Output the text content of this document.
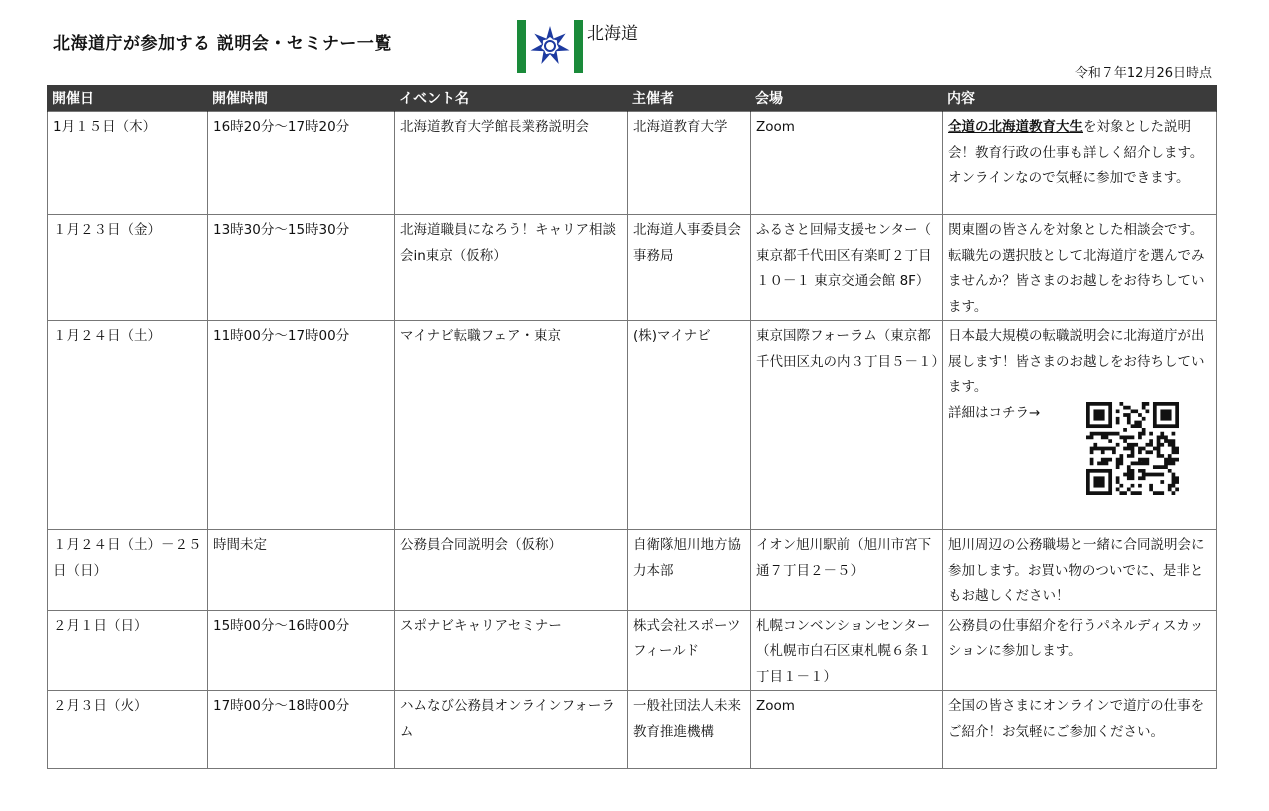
北海道庁が参加する 説明会・セミナー一覧	北海道
令和７年12月26日時点
開催日	開催時間	イベント名	主催者	会場	内容
1月１５日（木）	16時20分～17時20分	北海道教育大学館長業務説明会	北海道教育大学	Zoom	全道の北海道教育大生を対象とした説明会！教育行政の仕事も詳しく紹介します。オンラインなので気軽に参加できます。
１月２３日（金）	13時30分～15時30分	北海道職員になろう！キャリア相談会in東京（仮称）	北海道人事委員会事務局	ふるさと回帰支援センター（ 東京都千代田区有楽町２丁目１０－１ 東京交通会館 8F）	関東圏の皆さんを対象とした相談会です。転職先の選択肢として北海道庁を選んでみませんか？皆さまのお越しをお待ちしています。
１月２４日（土）	11時00分～17時00分	マイナビ転職フェア・東京	(株)マイナビ	東京国際フォーラム（東京都千代田区丸の内３丁目５－１）	日本最大規模の転職説明会に北海道庁が出展します！皆さまのお越しをお待ちしています。
詳細はコチラ→

１月２４日（土）－２５日（日）	時間未定	公務員合同説明会（仮称）	自衛隊旭川地方協力本部	イオン旭川駅前（旭川市宮下通７丁目２－５）	旭川周辺の公務職場と一緒に合同説明会に参加します。お買い物のついでに、是非ともお越しください！
２月１日（日）	15時00分～16時00分	スポナビキャリアセミナー	株式会社スポーツフィールド	札幌コンベンションセンター（札幌市白石区東札幌６条１丁目１－１）	公務員の仕事紹介を行うパネルディスカッションに参加します。
２月３日（火）	17時00分～18時00分	ハムなび公務員オンラインフォーラム	一般社団法人未来教育推進機構	Zoom	全国の皆さまにオンラインで道庁の仕事をご紹介！お気軽にご参加ください。
